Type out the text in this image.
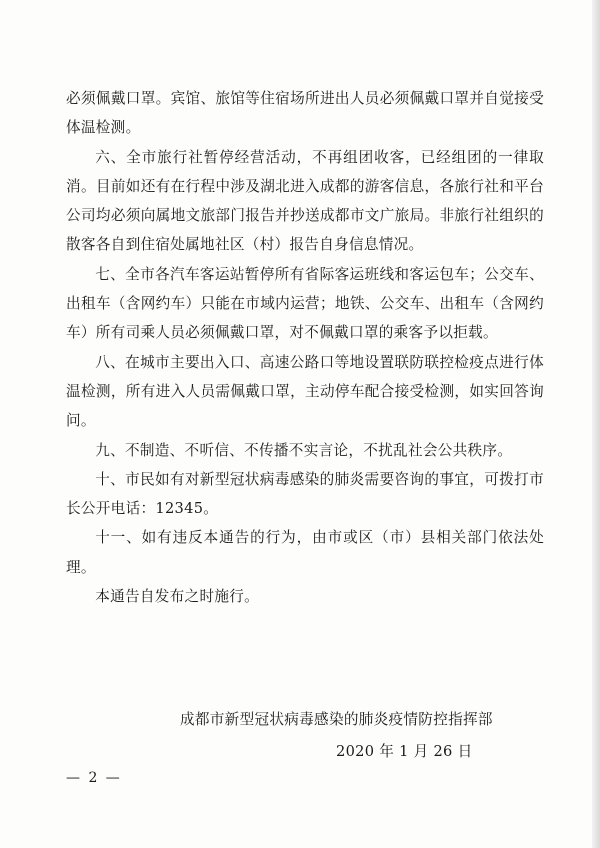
必须佩戴口罩。宾馆、旅馆等住宿场所进出人员必须佩戴口罩并自觉接受体温检测。

六、全市旅行社暂停经营活动，不再组团收客，已经组团的一律取消。目前如还有在行程中涉及湖北进入成都的游客信息，各旅行社和平台公司均必须向属地文旅部门报告并抄送成都市文广旅局。非旅行社组织的散客各自到住宿处属地社区（村）报告自身信息情况。

七、全市各汽车客运站暂停所有省际客运班线和客运包车；公交车、出租车（含网约车）只能在市域内运营；地铁、公交车、出租车（含网约车）所有司乘人员必须佩戴口罩，对不佩戴口罩的乘客予以拒载。

八、在城市主要出入口、高速公路口等地设置联防联控检疫点进行体温检测，所有进入人员需佩戴口罩，主动停车配合接受检测，如实回答询问。

九、不制造、不听信、不传播不实言论，不扰乱社会公共秩序。

十、市民如有对新型冠状病毒感染的肺炎需要咨询的事宜，可拨打市长公开电话：12345。

十一、如有违反本通告的行为，由市或区（市）县相关部门依法处理。

本通告自发布之时施行。

成都市新型冠状病毒感染的肺炎疫情防控指挥部
2020 年 1 月 26 日
— 2 —
